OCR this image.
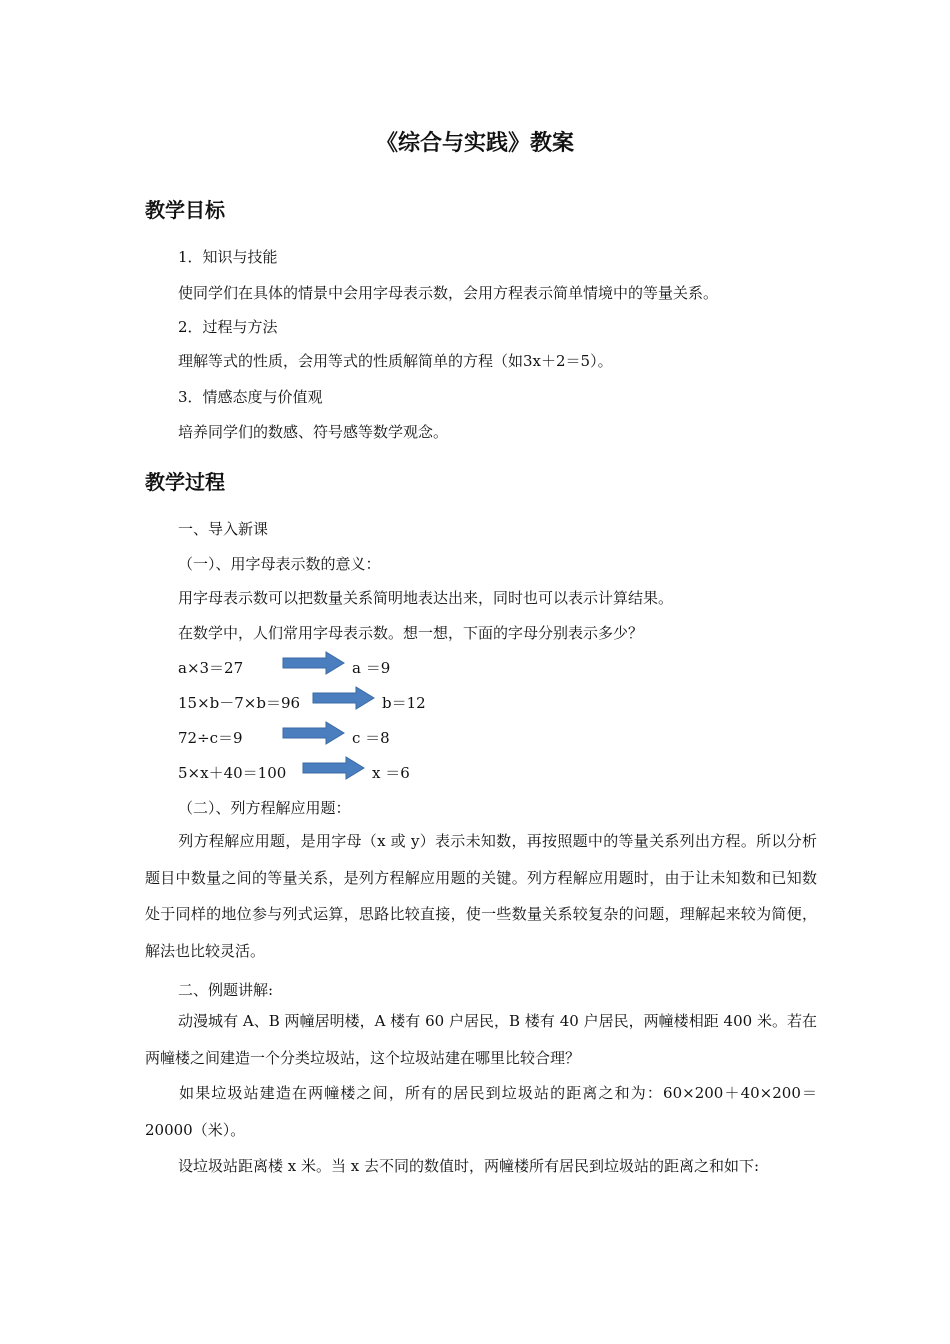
《综合与实践》教案
教学目标
1．知识与技能
使同学们在具体的情景中会用字母表示数，会用方程表示简单情境中的等量关系。
2．过程与方法
理解等式的性质，会用等式的性质解简单的方程（如3x＋2＝5）。
3．情感态度与价值观
培养同学们的数感、符号感等数学观念。
教学过程
一、导入新课
（一）、用字母表示数的意义：
用字母表示数可以把数量关系简明地表达出来，同时也可以表示计算结果。
在数学中，人们常用字母表示数。想一想，下面的字母分别表示多少？
a×3＝27	a ＝9
15×b－7×b＝96	b＝12
72÷c＝9	c ＝8
5×x＋40＝100	x ＝6
（二）、列方程解应用题：
列方程解应用题，是用字母（x 或 y）表示未知数，再按照题中的等量关系列出方程。所以分析题目中数量之间的等量关系，是列方程解应用题的关键。列方程解应用题时，由于让未知数和已知数处于同样的地位参与列式运算，思路比较直接，使一些数量关系较复杂的问题，理解起来较为简便，解法也比较灵活。
二、例题讲解:
动漫城有 A、B 两幢居明楼，A 楼有 60 户居民，B 楼有 40 户居民，两幢楼相距 400 米。若在两幢楼之间建造一个分类垃圾站，这个垃圾站建在哪里比较合理？
如果垃圾站建造在两幢楼之间，所有的居民到垃圾站的距离之和为：60×200＋40×200＝20000（米）。
设垃圾站距离楼 x 米。当 x 去不同的数值时，两幢楼所有居民到垃圾站的距离之和如下:
